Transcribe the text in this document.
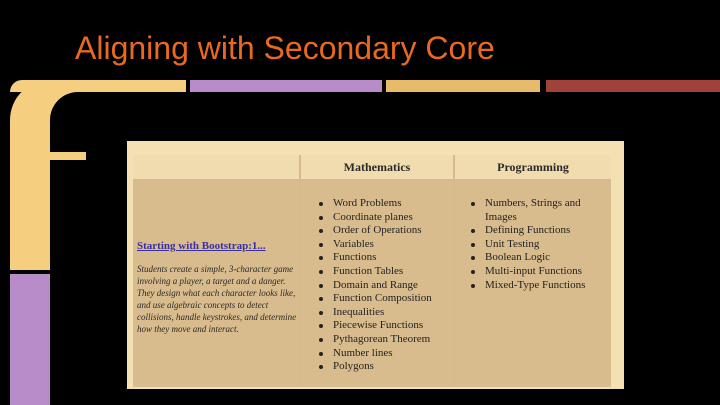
Aligning with Secondary Core
Mathematics	Programming
Starting with Bootstrap:1...
Students create a simple, 3-character game involving a player, a target and a danger. They design what each character looks like, and use algebraic concepts to detect collisions, handle keystrokes, and determine how they move and interact.
Word Problems
Coordinate planes
Order of Operations
Variables
Functions
Function Tables
Domain and Range
Function Composition
Inequalities
Piecewise Functions
Pythagorean Theorem
Number lines
Polygons
Numbers, Strings and Images
Defining Functions
Unit Testing
Boolean Logic
Multi-input Functions
Mixed-Type Functions
